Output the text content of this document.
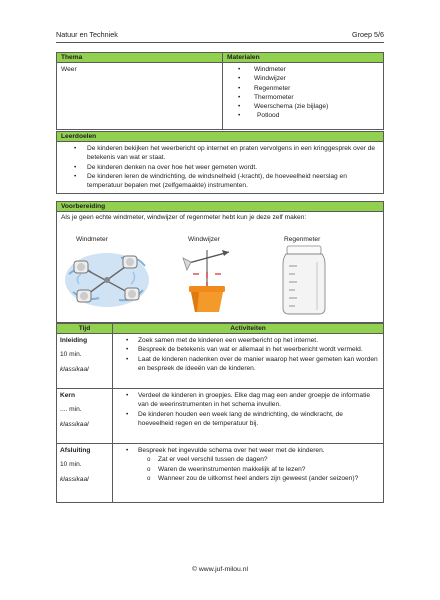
Natuur en Techniek	Groep 5/6
Thema
Weer
Materialen
• Windmeter
• Windwijzer
• Regenmeter
• Thermometer
• Weerschema (zie bijlage)
• Potlood
Leerdoelen
• De kinderen bekijken het weerbericht op internet en praten vervolgens in een kringgesprek over de betekenis van wat er staat.
• De kinderen denken na over hoe het weer gemeten wordt.
• De kinderen leren de windrichting, de windsnelheid (-kracht), de hoeveelheid neerslag en temperatuur bepalen met (zelfgemaakte) instrumenten.
Voorbereiding
Als je geen echte windmeter, windwijzer of regenmeter hebt kun je deze zelf maken:
Windmeter	Windwijzer	Regenmeter
Tijd	Activiteiten
Inleiding
10 min.
klassikaal
• Zoek samen met de kinderen een weerbericht op het internet.
• Bespreek de betekenis van wat er allemaal in het weerbericht wordt vermeld.
• Laat de kinderen nadenken over de manier waarop het weer gemeten kan worden en bespreek de ideeën van de kinderen.
Kern
.... min.
klassikaal
• Verdeel de kinderen in groepjes. Elke dag mag een ander groepje de informatie van de weerinstrumenten in het schema invullen.
• De kinderen houden een week lang de windrichting, de windkracht, de hoeveelheid regen en de temperatuur bij.
Afsluiting
10 min.
klassikaal
• Bespreek het ingevulde schema over het weer met de kinderen.
o Zat er veel verschil tussen de dagen?
o Waren de weerinstrumenten makkelijk af te lezen?
o Wanneer zou de uitkomst heel anders zijn geweest (ander seizoen)?
© www.juf-milou.nl
